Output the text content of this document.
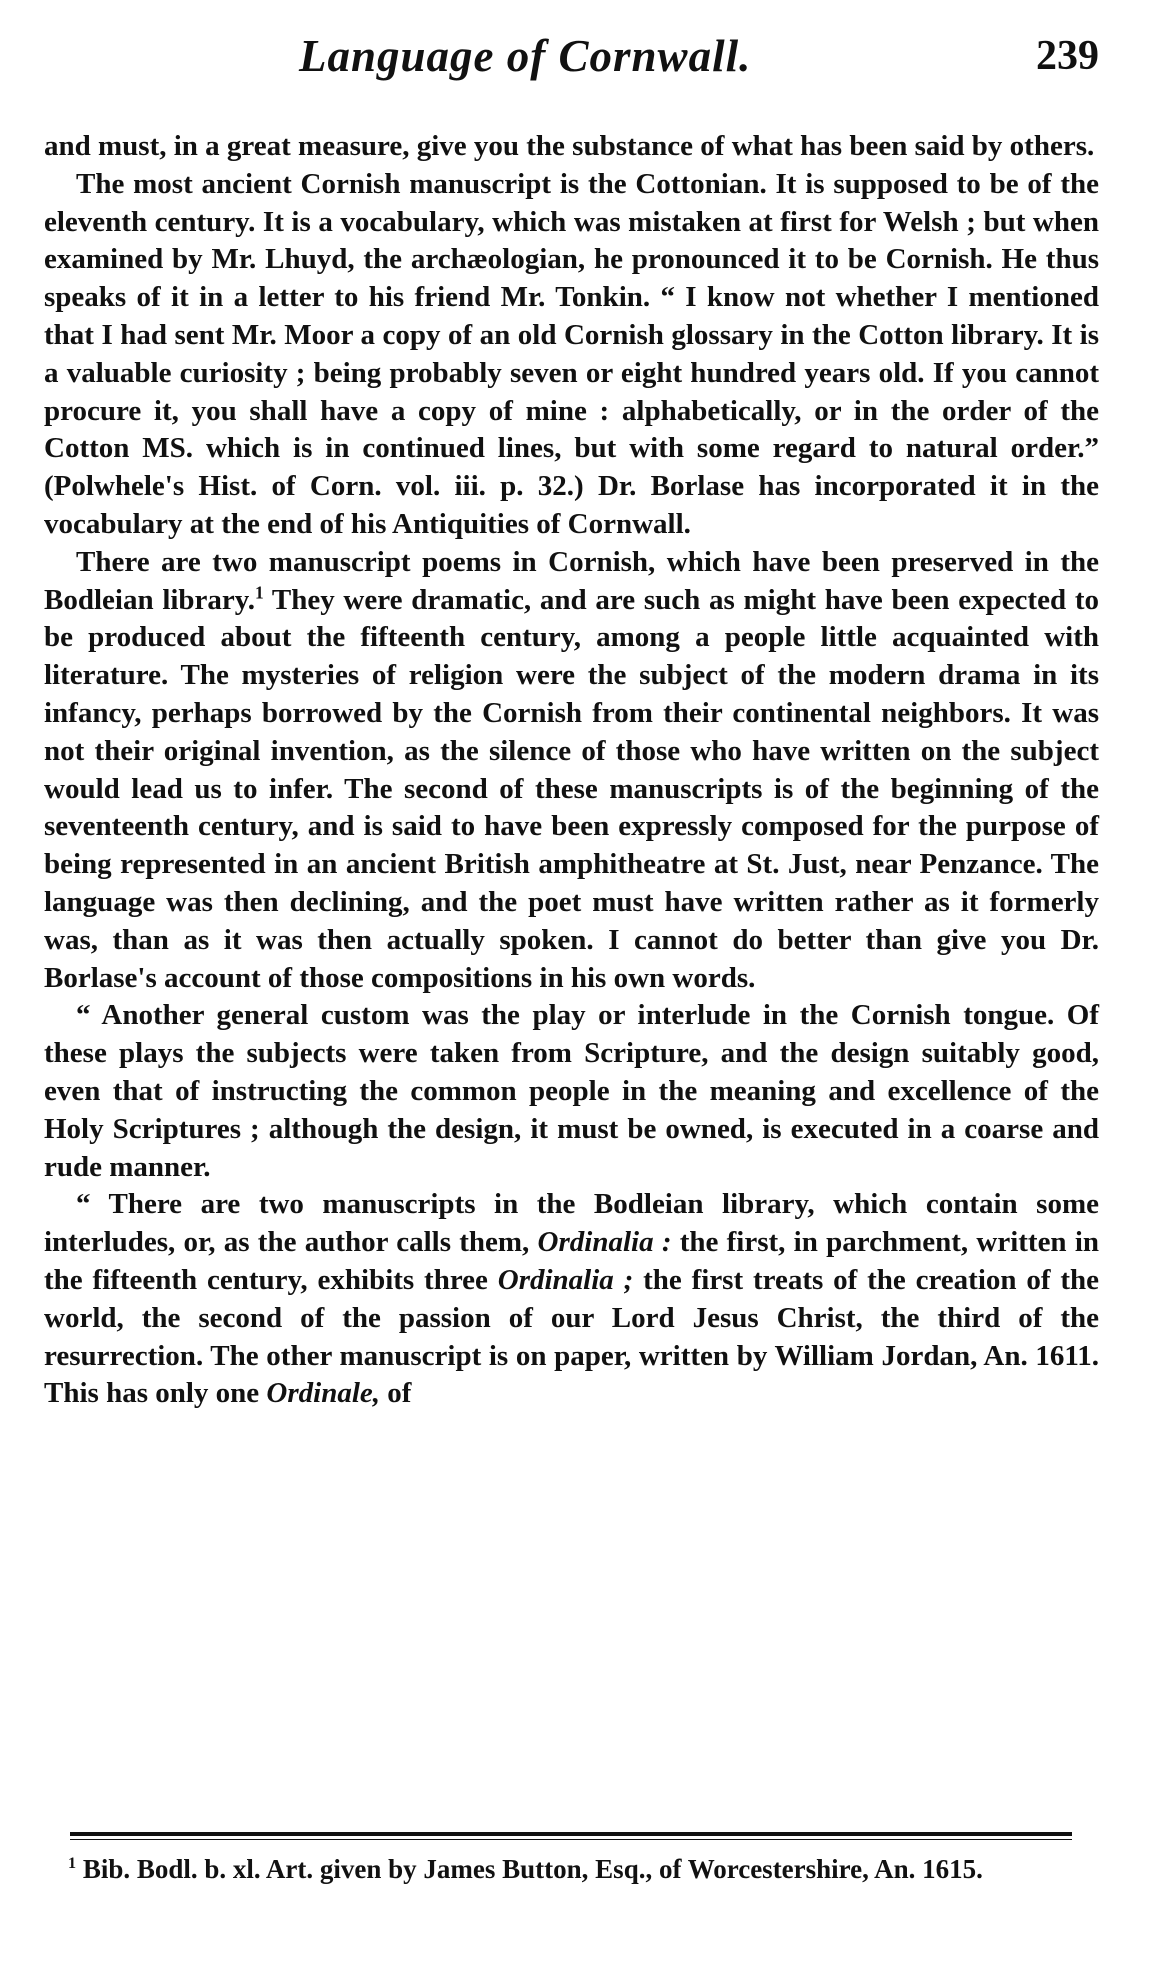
Language of Cornwall.	239

and must, in a great measure, give you the substance of what has been said by others.

The most ancient Cornish manuscript is the Cottonian. It is supposed to be of the eleventh century. It is a vocabulary, which was mistaken at first for Welsh ; but when examined by Mr. Lhuyd, the archæologian, he pronounced it to be Cornish. He thus speaks of it in a letter to his friend Mr. Tonkin. “ I know not whether I mentioned that I had sent Mr. Moor a copy of an old Cornish glossary in the Cotton library. It is a valuable curiosity ; being probably seven or eight hundred years old. If you cannot procure it, you shall have a copy of mine : alphabetically, or in the order of the Cotton MS. which is in continued lines, but with some regard to natural order.” (Polwhele's Hist. of Corn. vol. iii. p. 32.) Dr. Borlase has incorporated it in the vocabulary at the end of his Antiquities of Cornwall.

There are two manuscript poems in Cornish, which have been preserved in the Bodleian library.$^1$ They were dramatic, and are such as might have been expected to be produced about the fifteenth century, among a people little acquainted with literature. The mysteries of religion were the subject of the modern drama in its infancy, perhaps borrowed by the Cornish from their continental neighbors. It was not their original invention, as the silence of those who have written on the subject would lead us to infer. The second of these manuscripts is of the beginning of the seventeenth century, and is said to have been expressly composed for the purpose of being represented in an ancient British amphitheatre at St. Just, near Penzance. The language was then declining, and the poet must have written rather as it formerly was, than as it was then actually spoken. I cannot do better than give you Dr. Borlase's account of those compositions in his own words.

“ Another general custom was the play or interlude in the Cornish tongue. Of these plays the subjects were taken from Scripture, and the design suitably good, even that of instructing the common people in the meaning and excellence of the Holy Scriptures ; although the design, it must be owned, is executed in a coarse and rude manner.

“ There are two manuscripts in the Bodleian library, which contain some interludes, or, as the author calls them, Ordinalia : the first, in parchment, written in the fifteenth century, exhibits three Ordinalia ; the first treats of the creation of the world, the second of the passion of our Lord Jesus Christ, the third of the resurrection. The other manuscript is on paper, written by William Jordan, An. 1611. This has only one Ordinale, of

$^1$ Bib. Bodl. b. xl. Art. given by James Button, Esq., of Worcestershire, An. 1615.
